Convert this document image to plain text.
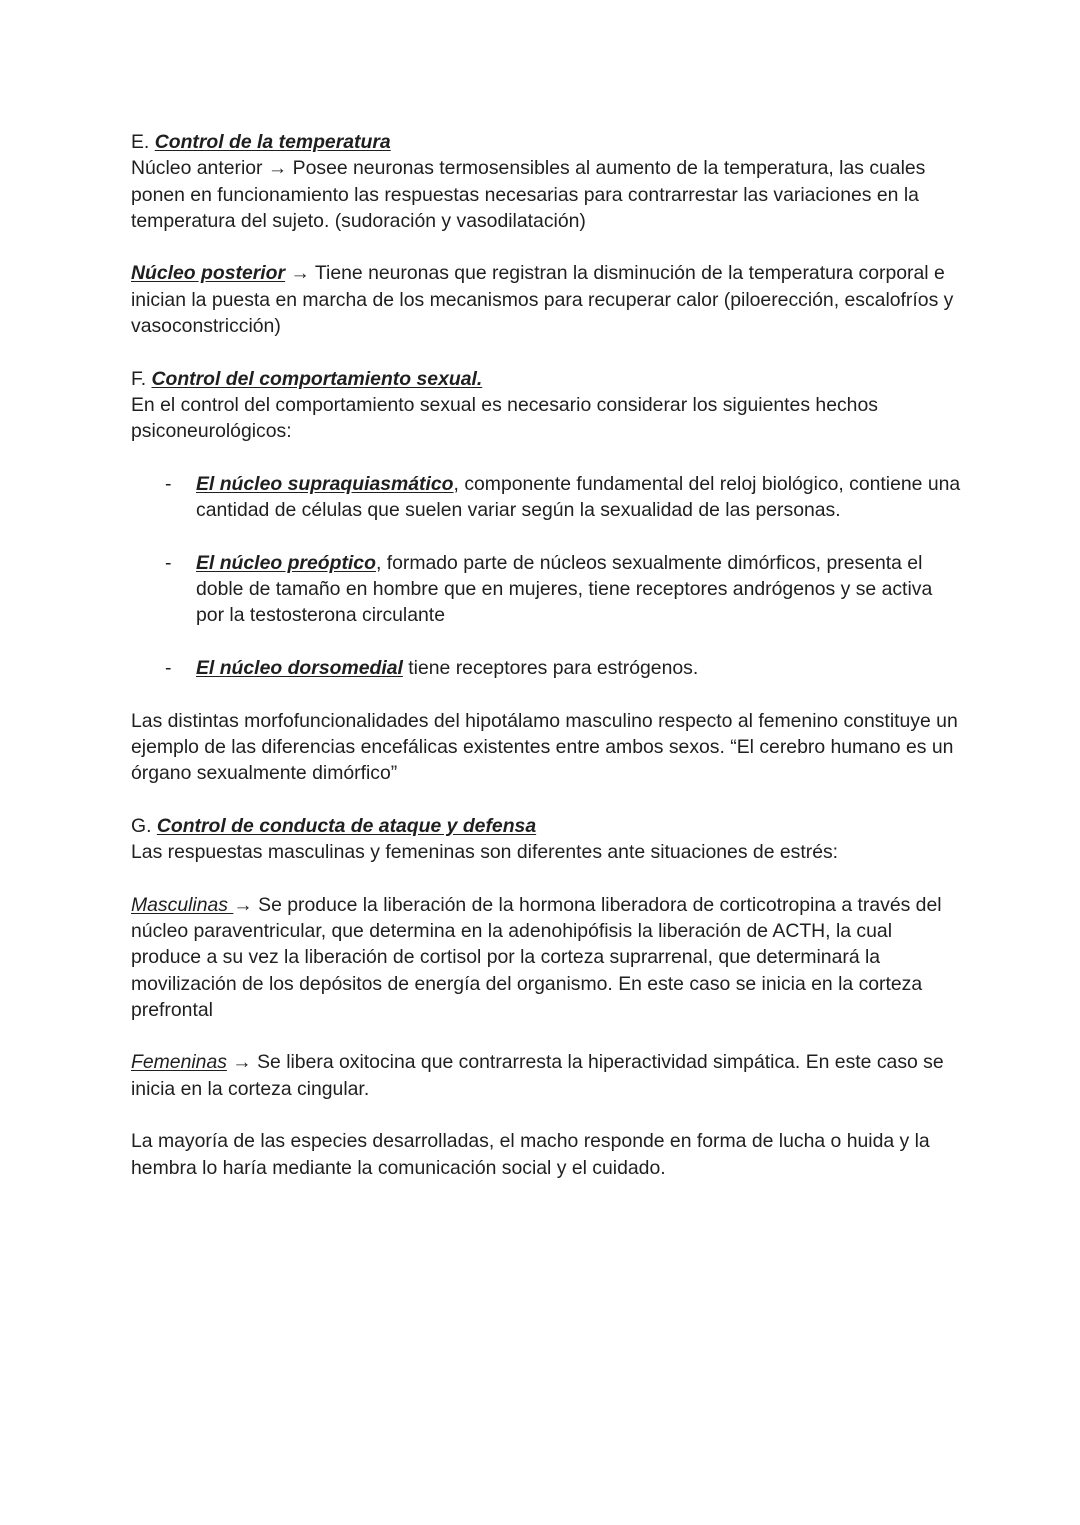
E. Control de la temperatura

Núcleo anterior → Posee neuronas termosensibles al aumento de la temperatura, las cuales ponen en funcionamiento las respuestas necesarias para contrarrestar las variaciones en la temperatura del sujeto. (sudoración y vasodilatación)

Núcleo posterior → Tiene neuronas que registran la disminución de la temperatura corporal e inician la puesta en marcha de los mecanismos para recuperar calor (piloerección, escalofríos y vasoconstricción)

F. Control del comportamiento sexual.

En el control del comportamiento sexual es necesario considerar los siguientes hechos psiconeurológicos:

- El núcleo supraquiasmático, componente fundamental del reloj biológico, contiene una cantidad de células que suelen variar según la sexualidad de las personas.
- El núcleo preóptico, formado parte de núcleos sexualmente dimórficos, presenta el doble de tamaño en hombre que en mujeres, tiene receptores andrógenos y se activa por la testosterona circulante
- El núcleo dorsomedial tiene receptores para estrógenos.

Las distintas morfofuncionalidades del hipotálamo masculino respecto al femenino constituye un ejemplo de las diferencias encefálicas existentes entre ambos sexos. “El cerebro humano es un órgano sexualmente dimórfico”

G. Control de conducta de ataque y defensa

Las respuestas masculinas y femeninas son diferentes ante situaciones de estrés:

Masculinas → Se produce la liberación de la hormona liberadora de corticotropina a través del núcleo paraventricular, que determina en la adenohipófisis la liberación de ACTH, la cual produce a su vez la liberación de cortisol por la corteza suprarrenal, que determinará la movilización de los depósitos de energía del organismo. En este caso se inicia en la corteza prefrontal

Femeninas → Se libera oxitocina que contrarresta la hiperactividad simpática. En este caso se inicia en la corteza cingular.

La mayoría de las especies desarrolladas, el macho responde en forma de lucha o huida y la hembra lo haría mediante la comunicación social y el cuidado.
